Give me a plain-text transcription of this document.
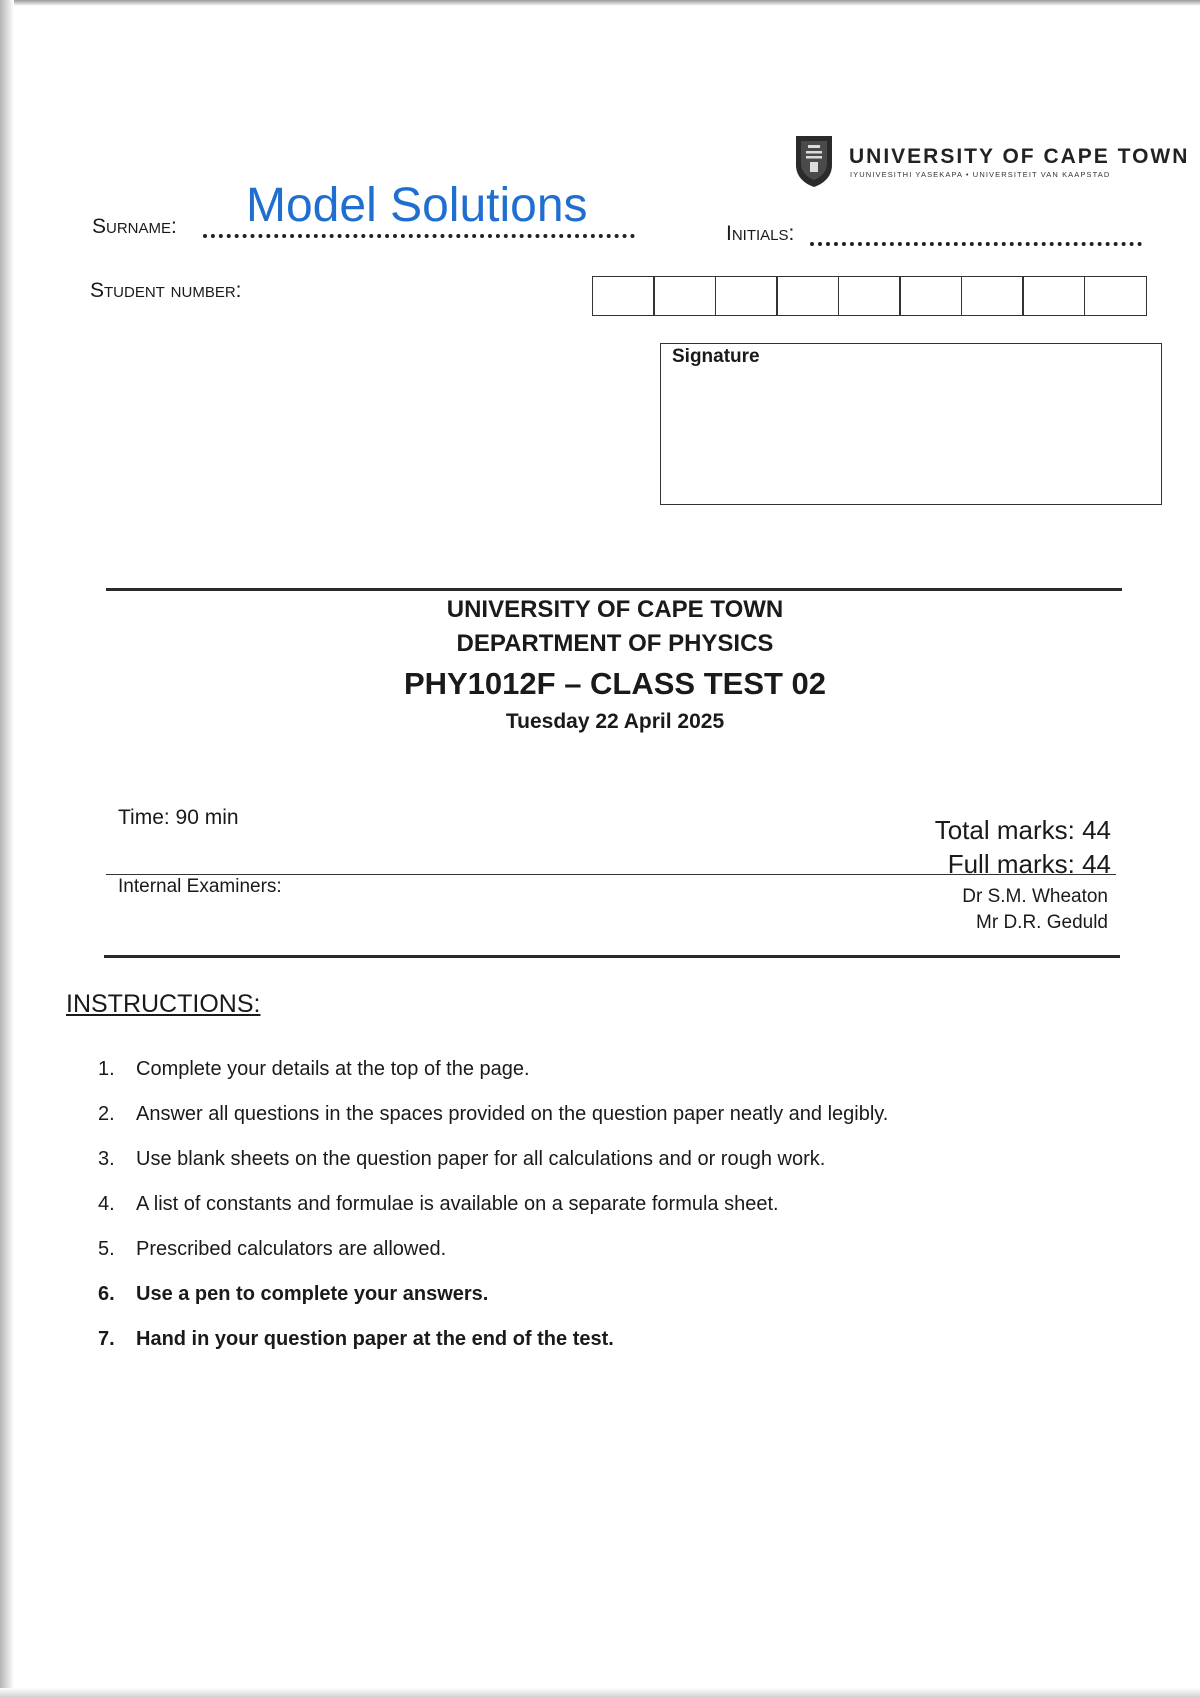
UNIVERSITY OF CAPE TOWN
IYUNIVESITHI YASEKAPA • UNIVERSITEIT VAN KAAPSTAD
Surname: Model Solutions
Initials:
Student number:
Signature
UNIVERSITY OF CAPE TOWN
DEPARTMENT OF PHYSICS
PHY1012F – CLASS TEST 02
Tuesday 22 April 2025
Time: 90 min	Total marks: 44
Full marks: 44
Internal Examiners:	Dr S.M. Wheaton
Mr D.R. Geduld
INSTRUCTIONS:
1.	Complete your details at the top of the page.
2.	Answer all questions in the spaces provided on the question paper neatly and legibly.
3.	Use blank sheets on the question paper for all calculations and or rough work.
4.	A list of constants and formulae is available on a separate formula sheet.
5.	Prescribed calculators are allowed.
6.	Use a pen to complete your answers.
7.	Hand in your question paper at the end of the test.
